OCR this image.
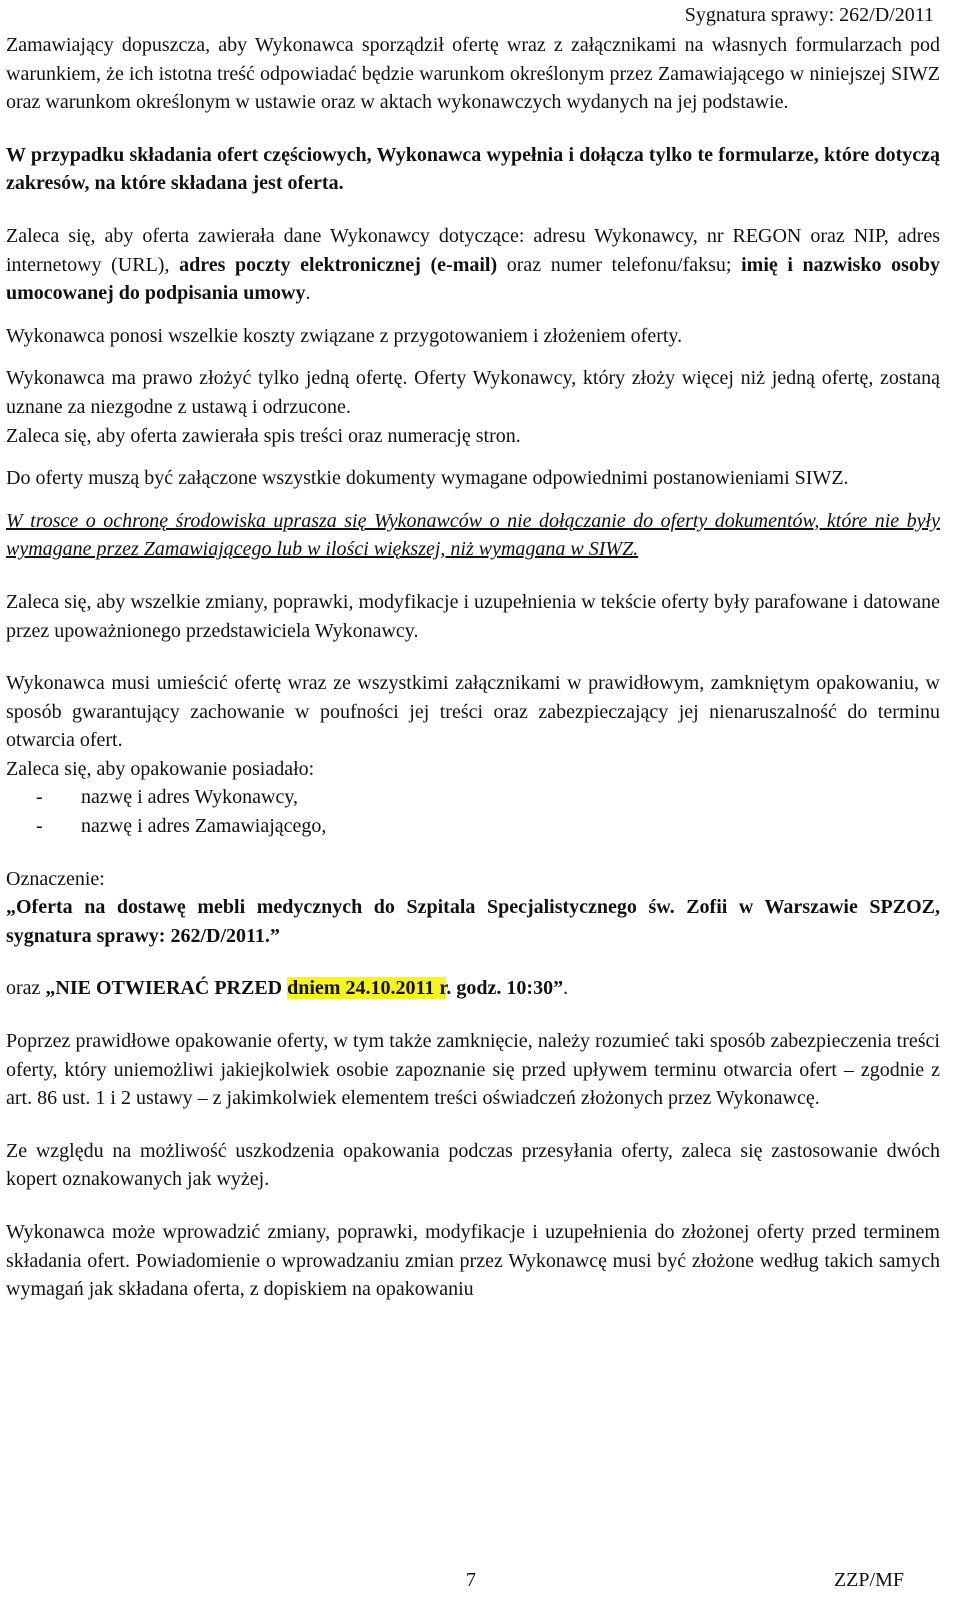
Sygnatura sprawy: 262/D/2011

Zamawiający dopuszcza, aby Wykonawca sporządził ofertę wraz z załącznikami na własnych formularzach pod warunkiem, że ich istotna treść odpowiadać będzie warunkom określonym przez Zamawiającego w niniejszej SIWZ oraz warunkom określonym w ustawie oraz w aktach wykonawczych wydanych na jej podstawie.

W przypadku składania ofert częściowych, Wykonawca wypełnia i dołącza tylko te formularze, które dotyczą zakresów, na które składana jest oferta.

Zaleca się, aby oferta zawierała dane Wykonawcy dotyczące: adresu Wykonawcy, nr REGON oraz NIP, adres internetowy (URL), adres poczty elektronicznej (e-mail) oraz numer telefonu/faksu; imię i nazwisko osoby umocowanej do podpisania umowy.

Wykonawca ponosi wszelkie koszty związane z przygotowaniem i złożeniem oferty.

Wykonawca ma prawo złożyć tylko jedną ofertę. Oferty Wykonawcy, który złoży więcej niż jedną ofertę, zostaną uznane za niezgodne z ustawą i odrzucone.

Zaleca się, aby oferta zawierała spis treści oraz numerację stron.

Do oferty muszą być załączone wszystkie dokumenty wymagane odpowiednimi postanowieniami SIWZ.

W trosce o ochronę środowiska uprasza się Wykonawców o nie dołączanie do oferty dokumentów, które nie były wymagane przez Zamawiającego lub w ilości większej, niż wymagana w SIWZ.

Zaleca się, aby wszelkie zmiany, poprawki, modyfikacje i uzupełnienia w tekście oferty były parafowane i datowane przez upoważnionego przedstawiciela Wykonawcy.

Wykonawca musi umieścić ofertę wraz ze wszystkimi załącznikami w prawidłowym, zamkniętym opakowaniu, w sposób gwarantujący zachowanie w poufności jej treści oraz zabezpieczający jej nienaruszalność do terminu otwarcia ofert.

Zaleca się, aby opakowanie posiadało:

- nazwę i adres Wykonawcy,
- nazwę i adres Zamawiającego,

Oznaczenie:

„Oferta na dostawę mebli medycznych do Szpitala Specjalistycznego św. Zofii w Warszawie SPZOZ, sygnatura sprawy: 262/D/2011.”

oraz „NIE OTWIERAĆ PRZED dniem 24.10.2011 r. godz. 10:30”.

Poprzez prawidłowe opakowanie oferty, w tym także zamknięcie, należy rozumieć taki sposób zabezpieczenia treści oferty, który uniemożliwi jakiejkolwiek osobie zapoznanie się przed upływem terminu otwarcia ofert – zgodnie z art. 86 ust. 1 i 2 ustawy – z jakimkolwiek elementem treści oświadczeń złożonych przez Wykonawcę.

Ze względu na możliwość uszkodzenia opakowania podczas przesyłania oferty, zaleca się zastosowanie dwóch kopert oznakowanych jak wyżej.

Wykonawca może wprowadzić zmiany, poprawki, modyfikacje i uzupełnienia do złożonej oferty przed terminem składania ofert. Powiadomienie o wprowadzaniu zmian przez Wykonawcę musi być złożone według takich samych wymagań jak składana oferta, z dopiskiem na opakowaniu

7	ZZP/MF
